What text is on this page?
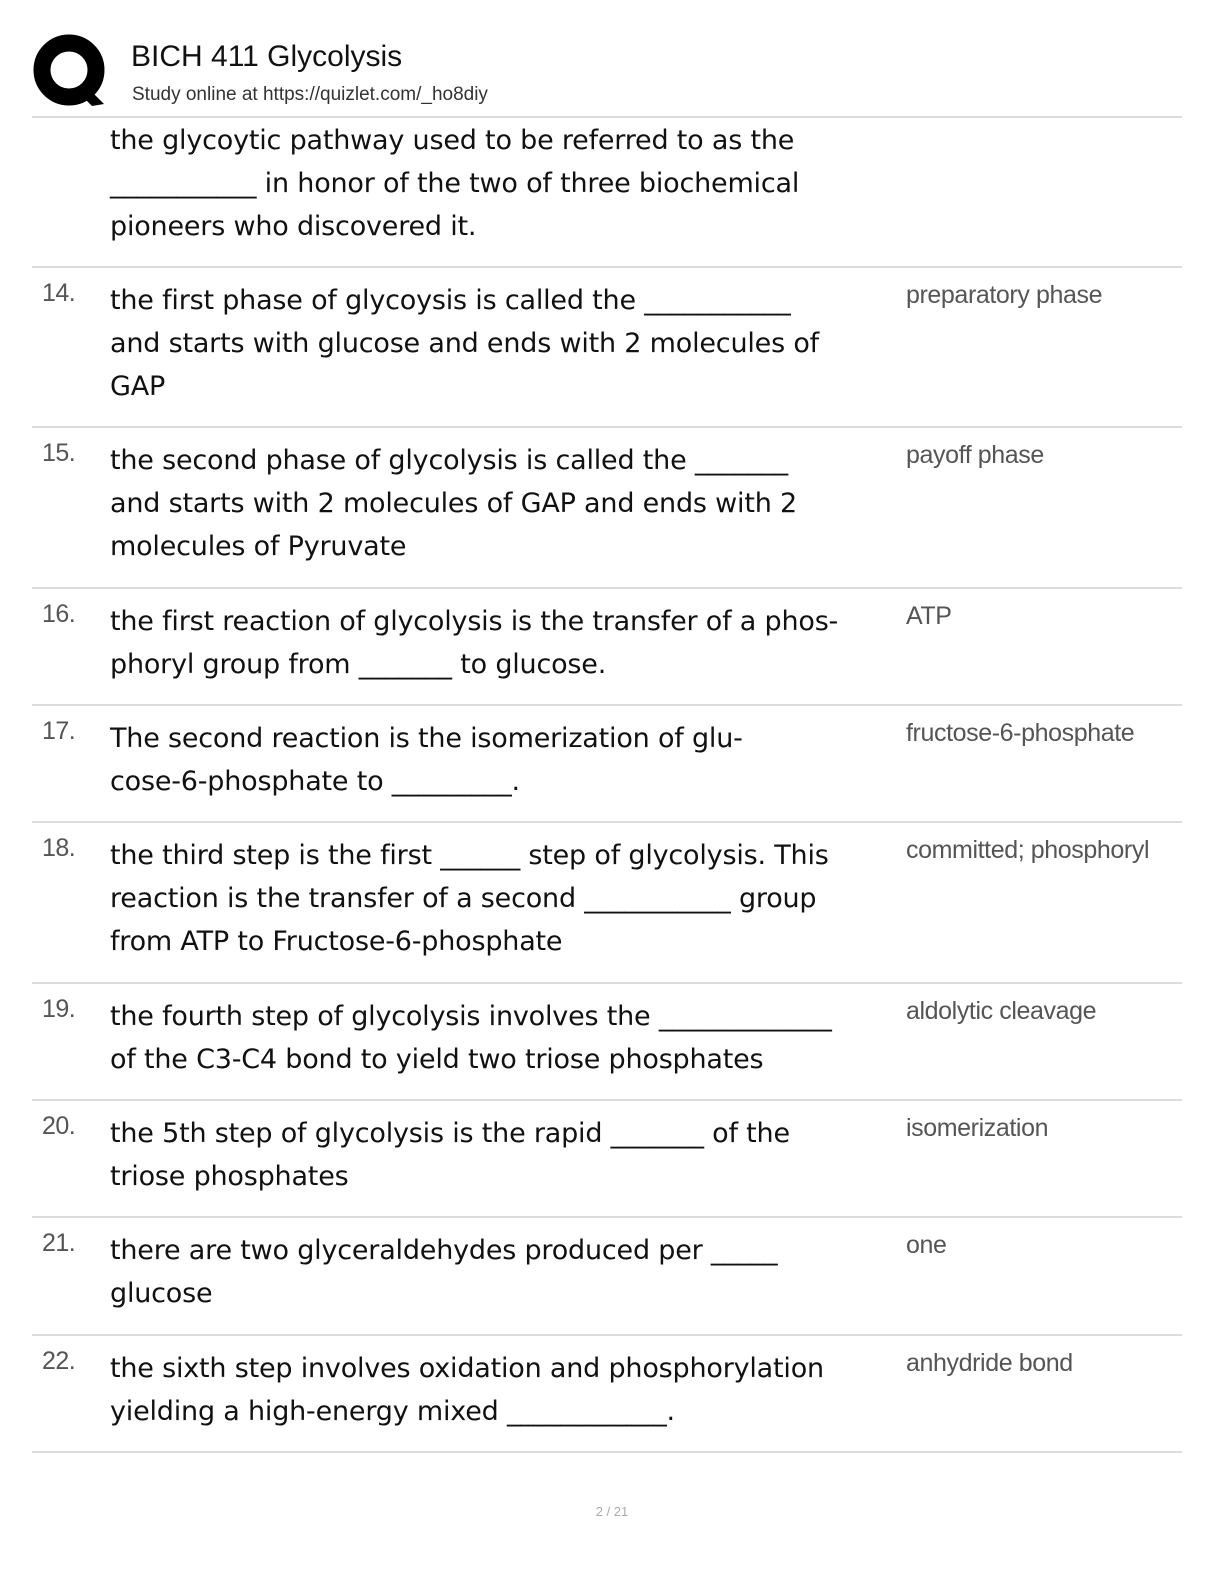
BICH 411 Glycolysis
Study online at https://quizlet.com/_ho8diy

the glycoytic pathway used to be referred to as the
___________ in honor of the two of three biochemical
pioneers who discovered it.

14. the first phase of glycoysis is called the ___________
and starts with glucose and ends with 2 molecules of
GAP

preparatory phase
15. the second phase of glycolysis is called the _______
and starts with 2 molecules of GAP and ends with 2
molecules of Pyruvate

payoff phase
16. the first reaction of glycolysis is the transfer of a phos-
phoryl group from _______ to glucose.

ATP
17. The second reaction is the isomerization of glu-
cose-6-phosphate to _________.

fructose-6-phosphate
18. the third step is the first ______ step of glycolysis. This
reaction is the transfer of a second ___________ group
from ATP to Fructose-6-phosphate

committed; phosphoryl
19. the fourth step of glycolysis involves the _____________
of the C3-C4 bond to yield two triose phosphates

aldolytic cleavage
20. the 5th step of glycolysis is the rapid _______ of the
triose phosphates

isomerization
21. there are two glyceraldehydes produced per _____
glucose

one
22. the sixth step involves oxidation and phosphorylation
yielding a high-energy mixed ____________.

anhydride bond
2 / 21
